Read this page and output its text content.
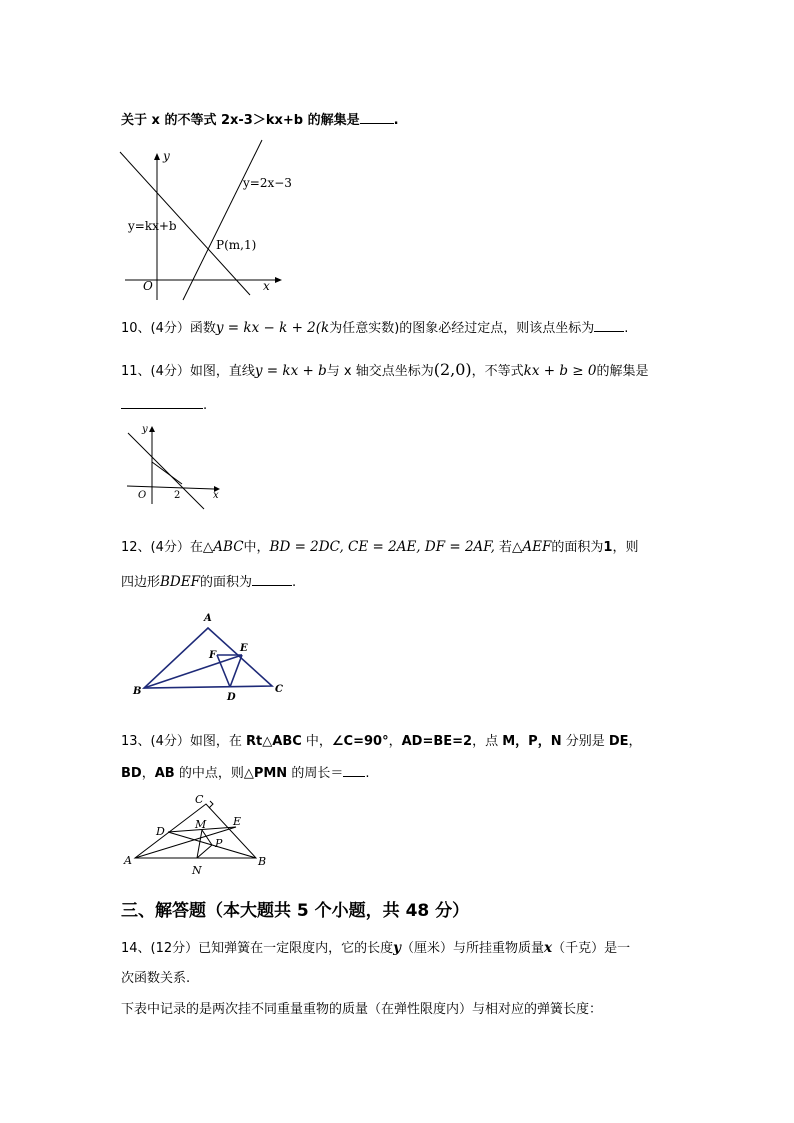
关于 x 的不等式 2x-3＞kx+b 的解集是	.
y
x
O
y=2x−3
y=kx+b
P(m,1)
10、(4分）函数y = kx − k + 2(k为任意实数)的图象必经过定点，则该点坐标为 .
11、(4分）如图，直线y = kx + b与 x 轴交点坐标为(2,0)，不等式kx + b ≥ 0的解集是
.
y
O	2	x
12、(4分）在△ABC中，BD = 2DC, CE = 2AE, DF = 2AF, 若△AEF的面积为1，则
四边形BDEF的面积为	.
A
B	C
D
E
F
13、(4分）如图，在 Rt△ABC 中，∠C=90°，AD=BE=2，点 M，P，N 分别是 DE，
BD，AB 的中点，则△PMN 的周长＝ .
C
D
M E
P
A	B
N
三、解答题（本大题共 5 个小题，共 48 分）
14、(12分）已知弹簧在一定限度内，它的长度y（厘米）与所挂重物质量x（千克）是一
次函数关系.
下表中记录的是两次挂不同重量重物的质量（在弹性限度内）与相对应的弹簧长度：
